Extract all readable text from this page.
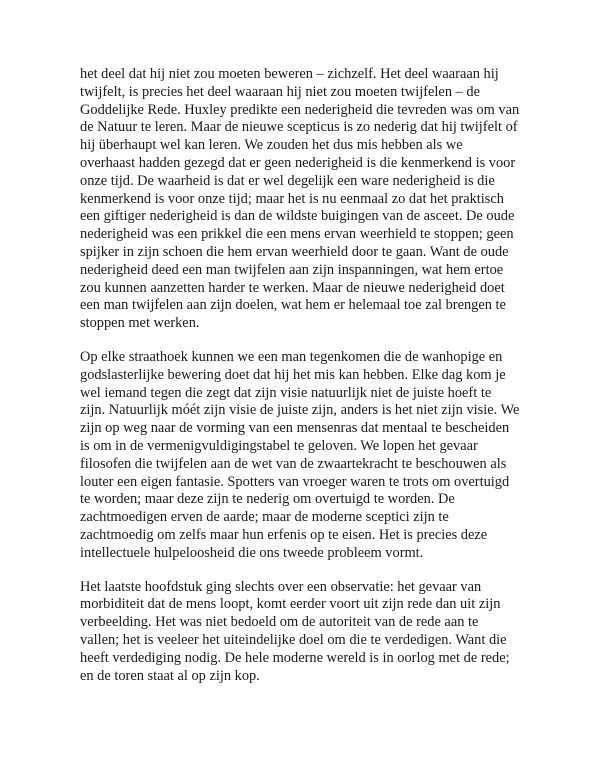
het deel dat hij niet zou moeten beweren – zichzelf. Het deel waaraan hij
twijfelt, is precies het deel waaraan hij niet zou moeten twijfelen – de
Goddelijke Rede. Huxley predikte een nederigheid die tevreden was om van
de Natuur te leren. Maar de nieuwe scepticus is zo nederig dat hij twijfelt of
hij überhaupt wel kan leren. We zouden het dus mis hebben als we
overhaast hadden gezegd dat er geen nederigheid is die kenmerkend is voor
onze tijd. De waarheid is dat er wel degelijk een ware nederigheid is die
kenmerkend is voor onze tijd; maar het is nu eenmaal zo dat het praktisch
een giftiger nederigheid is dan de wildste buigingen van de asceet. De oude
nederigheid was een prikkel die een mens ervan weerhield te stoppen; geen
spijker in zijn schoen die hem ervan weerhield door te gaan. Want de oude
nederigheid deed een man twijfelen aan zijn inspanningen, wat hem ertoe
zou kunnen aanzetten harder te werken. Maar de nieuwe nederigheid doet
een man twijfelen aan zijn doelen, wat hem er helemaal toe zal brengen te
stoppen met werken.
Op elke straathoek kunnen we een man tegenkomen die de wanhopige en
godslasterlijke bewering doet dat hij het mis kan hebben. Elke dag kom je
wel iemand tegen die zegt dat zijn visie natuurlijk niet de juiste hoeft te
zijn. Natuurlijk móét zijn visie de juiste zijn, anders is het niet zijn visie. We
zijn op weg naar de vorming van een mensenras dat mentaal te bescheiden
is om in de vermenigvuldigingstabel te geloven. We lopen het gevaar
filosofen die twijfelen aan de wet van de zwaartekracht te beschouwen als
louter een eigen fantasie. Spotters van vroeger waren te trots om overtuigd
te worden; maar deze zijn te nederig om overtuigd te worden. De
zachtmoedigen erven de aarde; maar de moderne sceptici zijn te
zachtmoedig om zelfs maar hun erfenis op te eisen. Het is precies deze
intellectuele hulpeloosheid die ons tweede probleem vormt.
Het laatste hoofdstuk ging slechts over een observatie: het gevaar van
morbiditeit dat de mens loopt, komt eerder voort uit zijn rede dan uit zijn
verbeelding. Het was niet bedoeld om de autoriteit van de rede aan te
vallen; het is veeleer het uiteindelijke doel om die te verdedigen. Want die
heeft verdediging nodig. De hele moderne wereld is in oorlog met de rede;
en de toren staat al op zijn kop.
